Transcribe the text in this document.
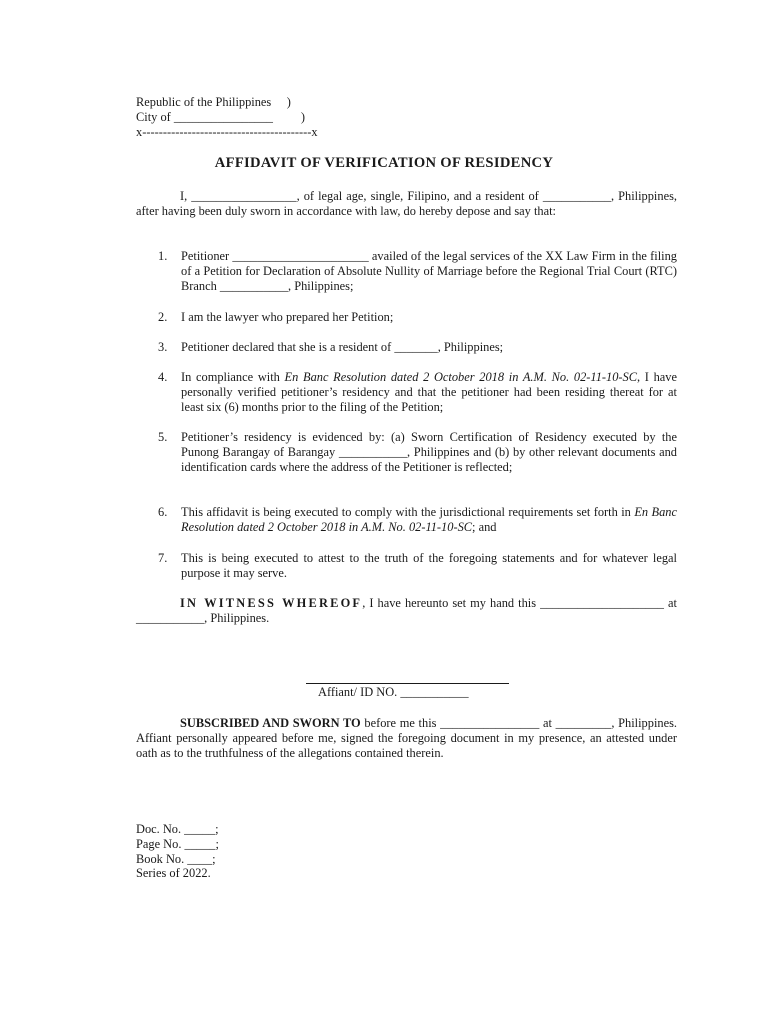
Republic of the Philippines     )
City of ________________         )
x-----------------------------------------x
AFFIDAVIT OF VERIFICATION OF RESIDENCY
I, _________________, of legal age, single, Filipino, and a resident of ___________, Philippines, after having been duly sworn in accordance with law, do hereby depose and say that:
1. Petitioner ______________________ availed of the legal services of the XX Law Firm in the filing of a Petition for Declaration of Absolute Nullity of Marriage before the Regional Trial Court (RTC) Branch ___________, Philippines;
2. I am the lawyer who prepared her Petition;
3. Petitioner declared that she is a resident of _______, Philippines;
4. In compliance with En Banc Resolution dated 2 October 2018 in A.M. No. 02-11-10-SC, I have personally verified petitioner’s residency and that the petitioner had been residing thereat for at least six (6) months prior to the filing of the Petition;
5. Petitioner’s residency is evidenced by: (a) Sworn Certification of Residency executed by the Punong Barangay of Barangay ___________, Philippines and (b) by other relevant documents and identification cards where the address of the Petitioner is reflected;
6. This affidavit is being executed to comply with the jurisdictional requirements set forth in En Banc Resolution dated 2 October 2018 in A.M. No. 02-11-10-SC; and
7. This is being executed to attest to the truth of the foregoing statements and for whatever legal purpose it may serve.
IN WITNESS WHEREOF, I have hereunto set my hand this ____________________ at ___________, Philippines.
Affiant/ ID NO. ___________
SUBSCRIBED AND SWORN TO before me this ________________ at _________, Philippines. Affiant personally appeared before me, signed the foregoing document in my presence, an attested under oath as to the truthfulness of the allegations contained therein.
Doc. No. _____;
Page No. _____;
Book No. ____;
Series of 2022.
